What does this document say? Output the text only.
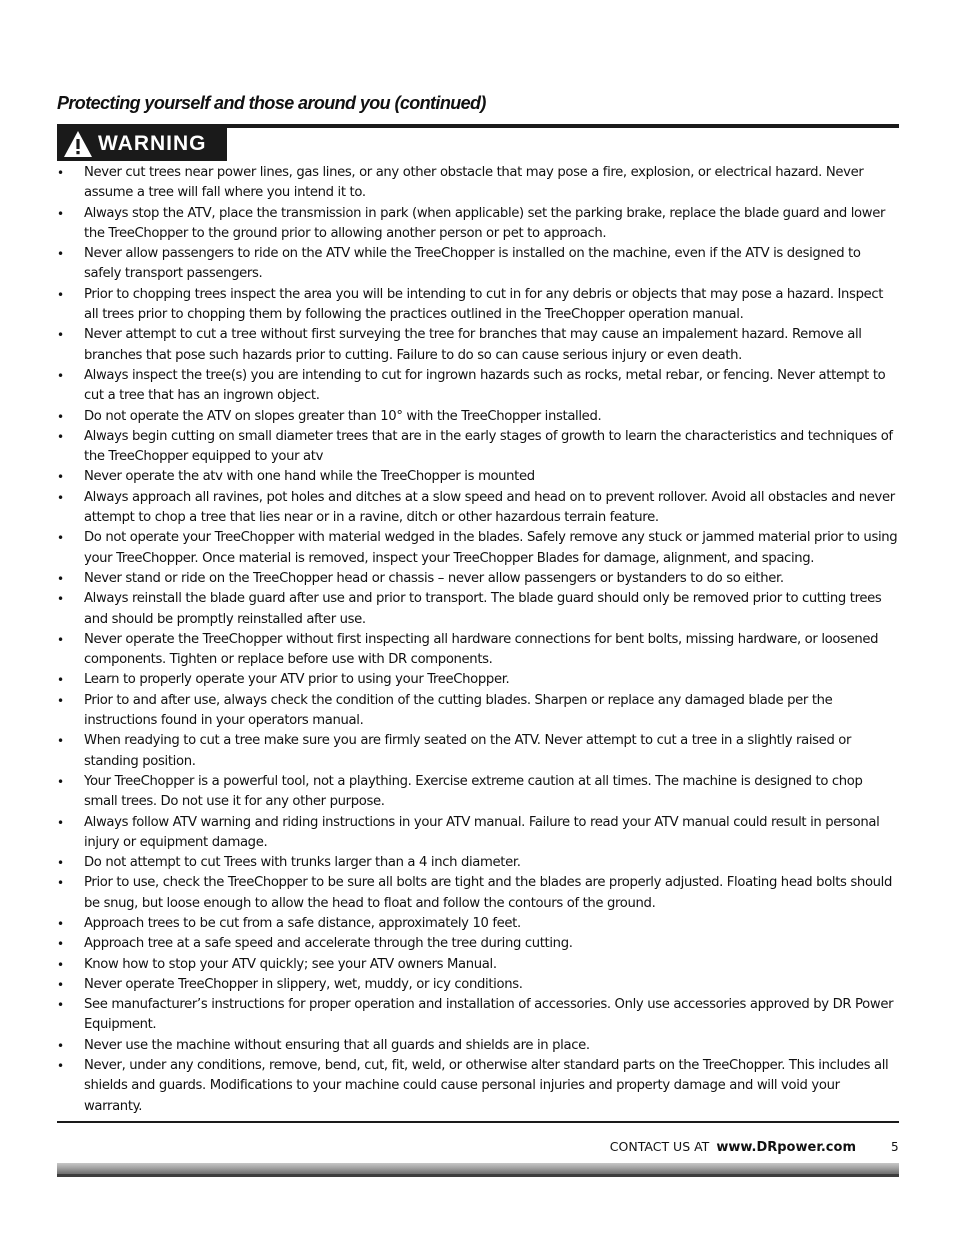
Protecting yourself and those around you (continued)
WARNING
• Never cut trees near power lines, gas lines, or any other obstacle that may pose a fire, explosion, or electrical hazard. Never assume a tree will fall where you intend it to.
• Always stop the ATV, place the transmission in park (when applicable) set the parking brake, replace the blade guard and lower the TreeChopper to the ground prior to allowing another person or pet to approach.
• Never allow passengers to ride on the ATV while the TreeChopper is installed on the machine, even if the ATV is designed to safely transport passengers.
• Prior to chopping trees inspect the area you will be intending to cut in for any debris or objects that may pose a hazard. Inspect all trees prior to chopping them by following the practices outlined in the TreeChopper operation manual.
• Never attempt to cut a tree without first surveying the tree for branches that may cause an impalement hazard. Remove all branches that pose such hazards prior to cutting. Failure to do so can cause serious injury or even death.
• Always inspect the tree(s) you are intending to cut for ingrown hazards such as rocks, metal rebar, or fencing. Never attempt to cut a tree that has an ingrown object.
• Do not operate the ATV on slopes greater than 10° with the TreeChopper installed.
• Always begin cutting on small diameter trees that are in the early stages of growth to learn the characteristics and techniques of the TreeChopper equipped to your atv
• Never operate the atv with one hand while the TreeChopper is mounted
• Always approach all ravines, pot holes and ditches at a slow speed and head on to prevent rollover. Avoid all obstacles and never attempt to chop a tree that lies near or in a ravine, ditch or other hazardous terrain feature.
• Do not operate your TreeChopper with material wedged in the blades. Safely remove any stuck or jammed material prior to using your TreeChopper. Once material is removed, inspect your TreeChopper Blades for damage, alignment, and spacing.
• Never stand or ride on the TreeChopper head or chassis – never allow passengers or bystanders to do so either.
• Always reinstall the blade guard after use and prior to transport. The blade guard should only be removed prior to cutting trees and should be promptly reinstalled after use.
• Never operate the TreeChopper without first inspecting all hardware connections for bent bolts, missing hardware, or loosened components. Tighten or replace before use with DR components.
• Learn to properly operate your ATV prior to using your TreeChopper.
• Prior to and after use, always check the condition of the cutting blades. Sharpen or replace any damaged blade per the instructions found in your operators manual.
• When readying to cut a tree make sure you are firmly seated on the ATV. Never attempt to cut a tree in a slightly raised or standing position.
• Your TreeChopper is a powerful tool, not a plaything. Exercise extreme caution at all times. The machine is designed to chop small trees. Do not use it for any other purpose.
• Always follow ATV warning and riding instructions in your ATV manual. Failure to read your ATV manual could result in personal injury or equipment damage.
• Do not attempt to cut Trees with trunks larger than a 4 inch diameter.
• Prior to use, check the TreeChopper to be sure all bolts are tight and the blades are properly adjusted. Floating head bolts should be snug, but loose enough to allow the head to float and follow the contours of the ground.
• Approach trees to be cut from a safe distance, approximately 10 feet.
• Approach tree at a safe speed and accelerate through the tree during cutting.
• Know how to stop your ATV quickly; see your ATV owners Manual.
• Never operate TreeChopper in slippery, wet, muddy, or icy conditions.
• See manufacturer’s instructions for proper operation and installation of accessories. Only use accessories approved by DR Power Equipment.
• Never use the machine without ensuring that all guards and shields are in place.
• Never, under any conditions, remove, bend, cut, fit, weld, or otherwise alter standard parts on the TreeChopper. This includes all shields and guards. Modifications to your machine could cause personal injuries and property damage and will void your warranty.
CONTACT US AT www.DRpower.com	5
